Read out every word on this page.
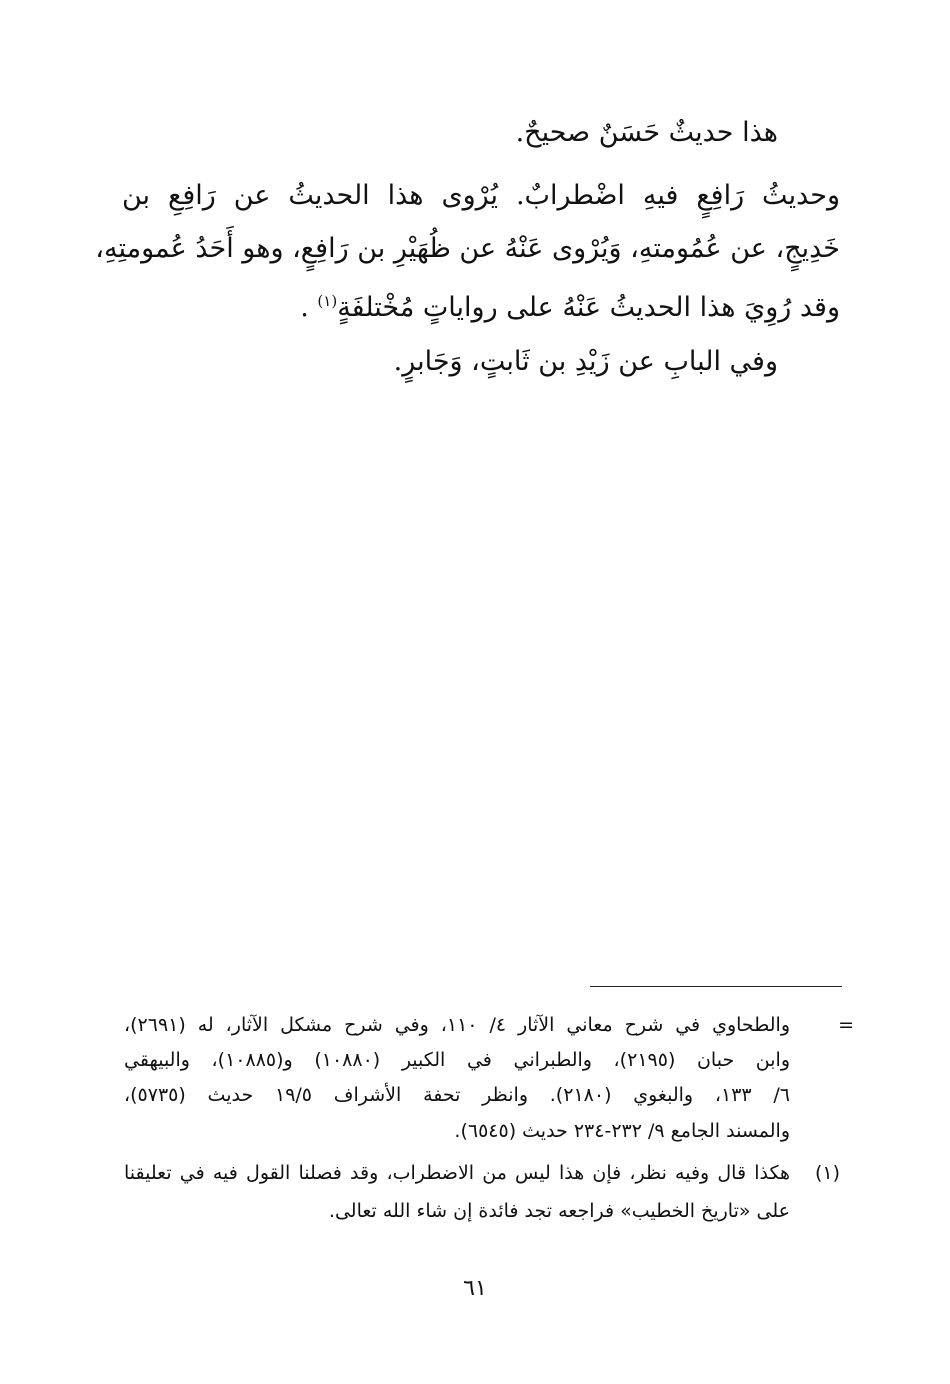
هذا حديثٌ حَسَنٌ صحيحٌ.
وحديثُ رَافِعٍ فيهِ اضْطرابٌ. يُرْوى هذا الحديثُ عن رَافِعِ بن
خَدِيجٍ، عن عُمُومتهِ، وَيُرْوى عَنْهُ عن ظُهَيْرِ بن رَافِعٍ، وهو أَحَدُ عُمومتِهِ،
وقد رُوِيَ هذا الحديثُ عَنْهُ على رواياتٍ مُخْتلفَةٍ$^{(١)}$ .
وفي البابِ عن زَيْدِ بن ثَابتٍ، وَجَابرٍ.
=
والطحاوي في شرح معاني الآثار ٤/ ١١٠، وفي شرح مشكل الآثار، له (٢٦٩١)،
وابن حبان (٢١٩٥)، والطبراني في الكبير (١٠٨٨٠) و(١٠٨٨٥)، والبيهقي
٦/ ١٣٣، والبغوي (٢١٨٠). وانظر تحفة الأشراف ١٩/٥ حديث (٥٧٣٥)،
والمسند الجامع ٩/ ٢٣٢-٢٣٤ حديث (٦٥٤٥).
(١)
هكذا قال وفيه نظر، فإن هذا ليس من الاضطراب، وقد فصلنا القول فيه في تعليقنا
على «تاريخ الخطيب» فراجعه تجد فائدة إن شاء الله تعالى.
٦١
